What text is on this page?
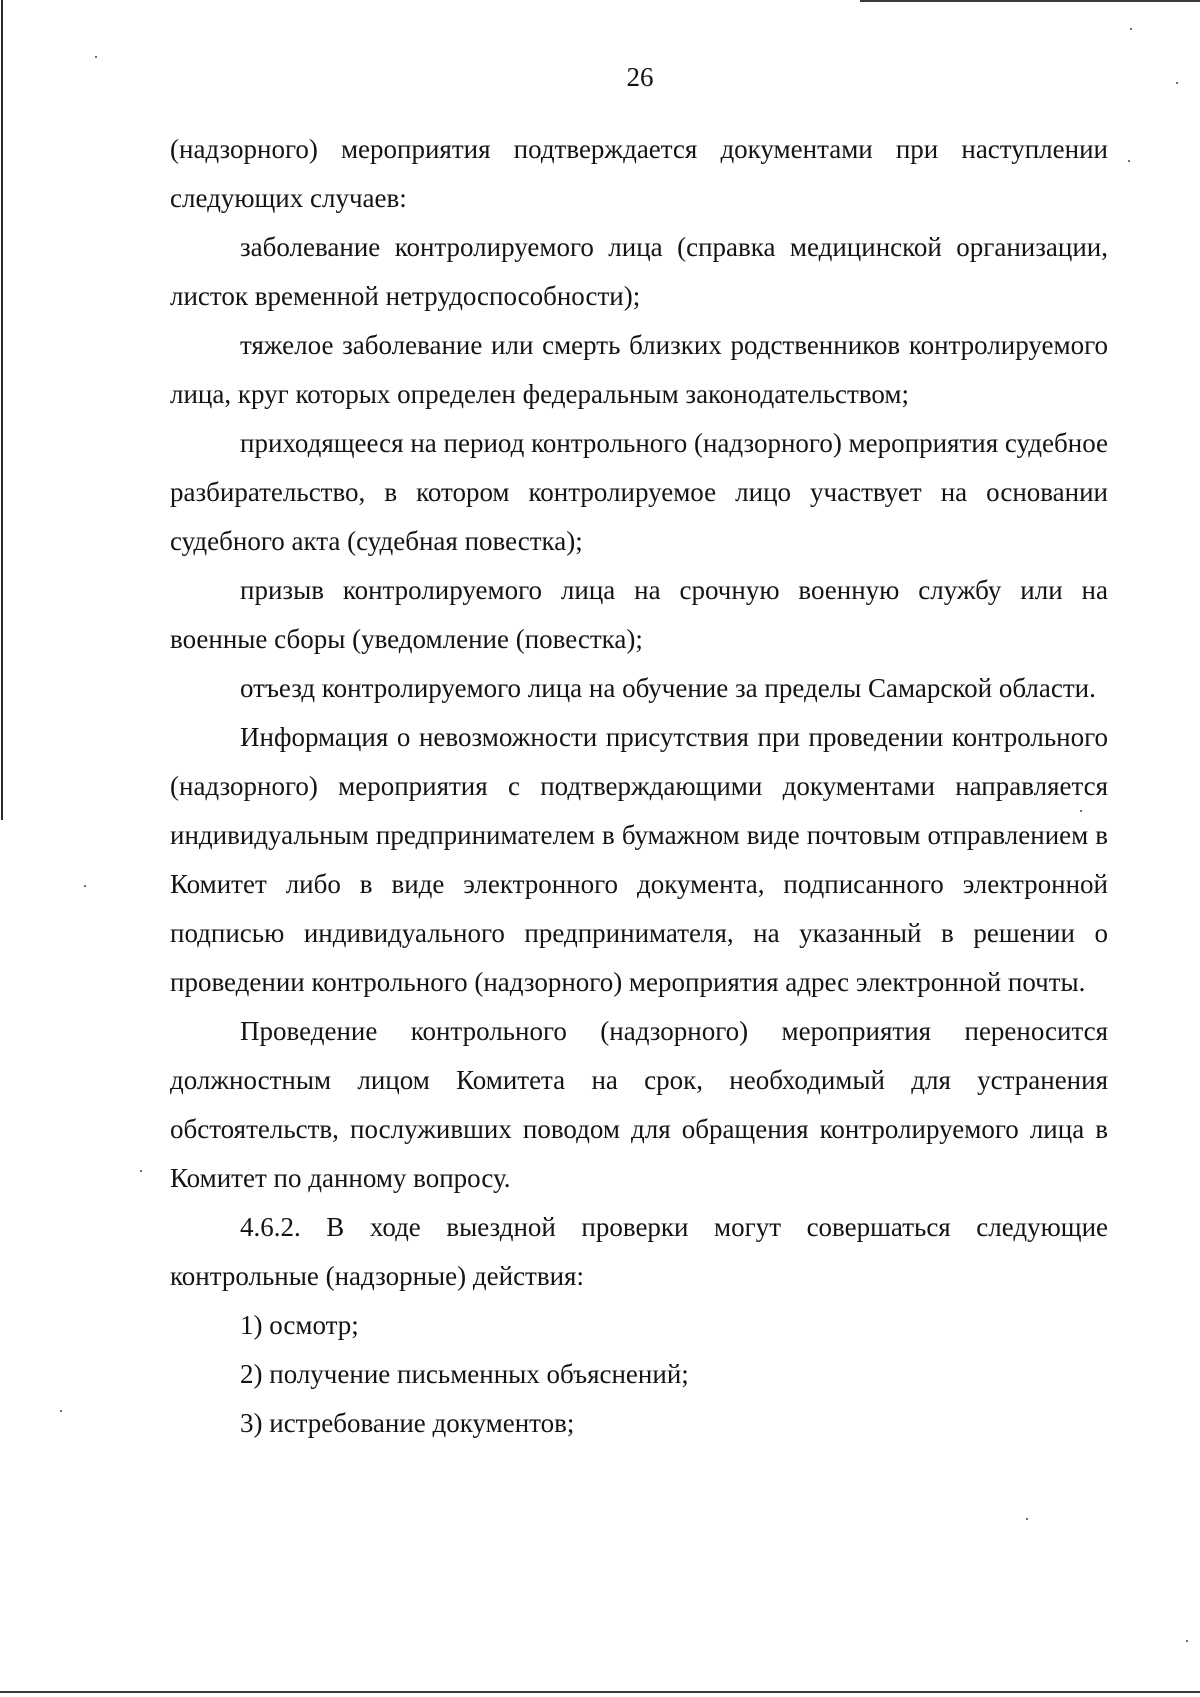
26

(надзорного) мероприятия подтверждается документами при наступлении следующих случаев:

заболевание контролируемого лица (справка медицинской организации, листок временной нетрудоспособности);

тяжелое заболевание или смерть близких родственников контролируемого лица, круг которых определен федеральным законодательством;

приходящееся на период контрольного (надзорного) мероприятия судебное разбирательство, в котором контролируемое лицо участвует на основании судебного акта (судебная повестка);

призыв контролируемого лица на срочную военную службу или на военные сборы (уведомление (повестка);

отъезд контролируемого лица на обучение за пределы Самарской области.

Информация о невозможности присутствия при проведении контрольного (надзорного) мероприятия с подтверждающими документами направляется индивидуальным предпринимателем в бумажном виде почтовым отправлением в Комитет либо в виде электронного документа, подписанного электронной подписью индивидуального предпринимателя, на указанный в решении о проведении контрольного (надзорного) мероприятия адрес электронной почты.

Проведение контрольного (надзорного) мероприятия переносится должностным лицом Комитета на срок, необходимый для устранения обстоятельств, послуживших поводом для обращения контролируемого лица в Комитет по данному вопросу.

4.6.2. В ходе выездной проверки могут совершаться следующие контрольные (надзорные) действия:

1) осмотр;

2) получение письменных объяснений;

3) истребование документов;
